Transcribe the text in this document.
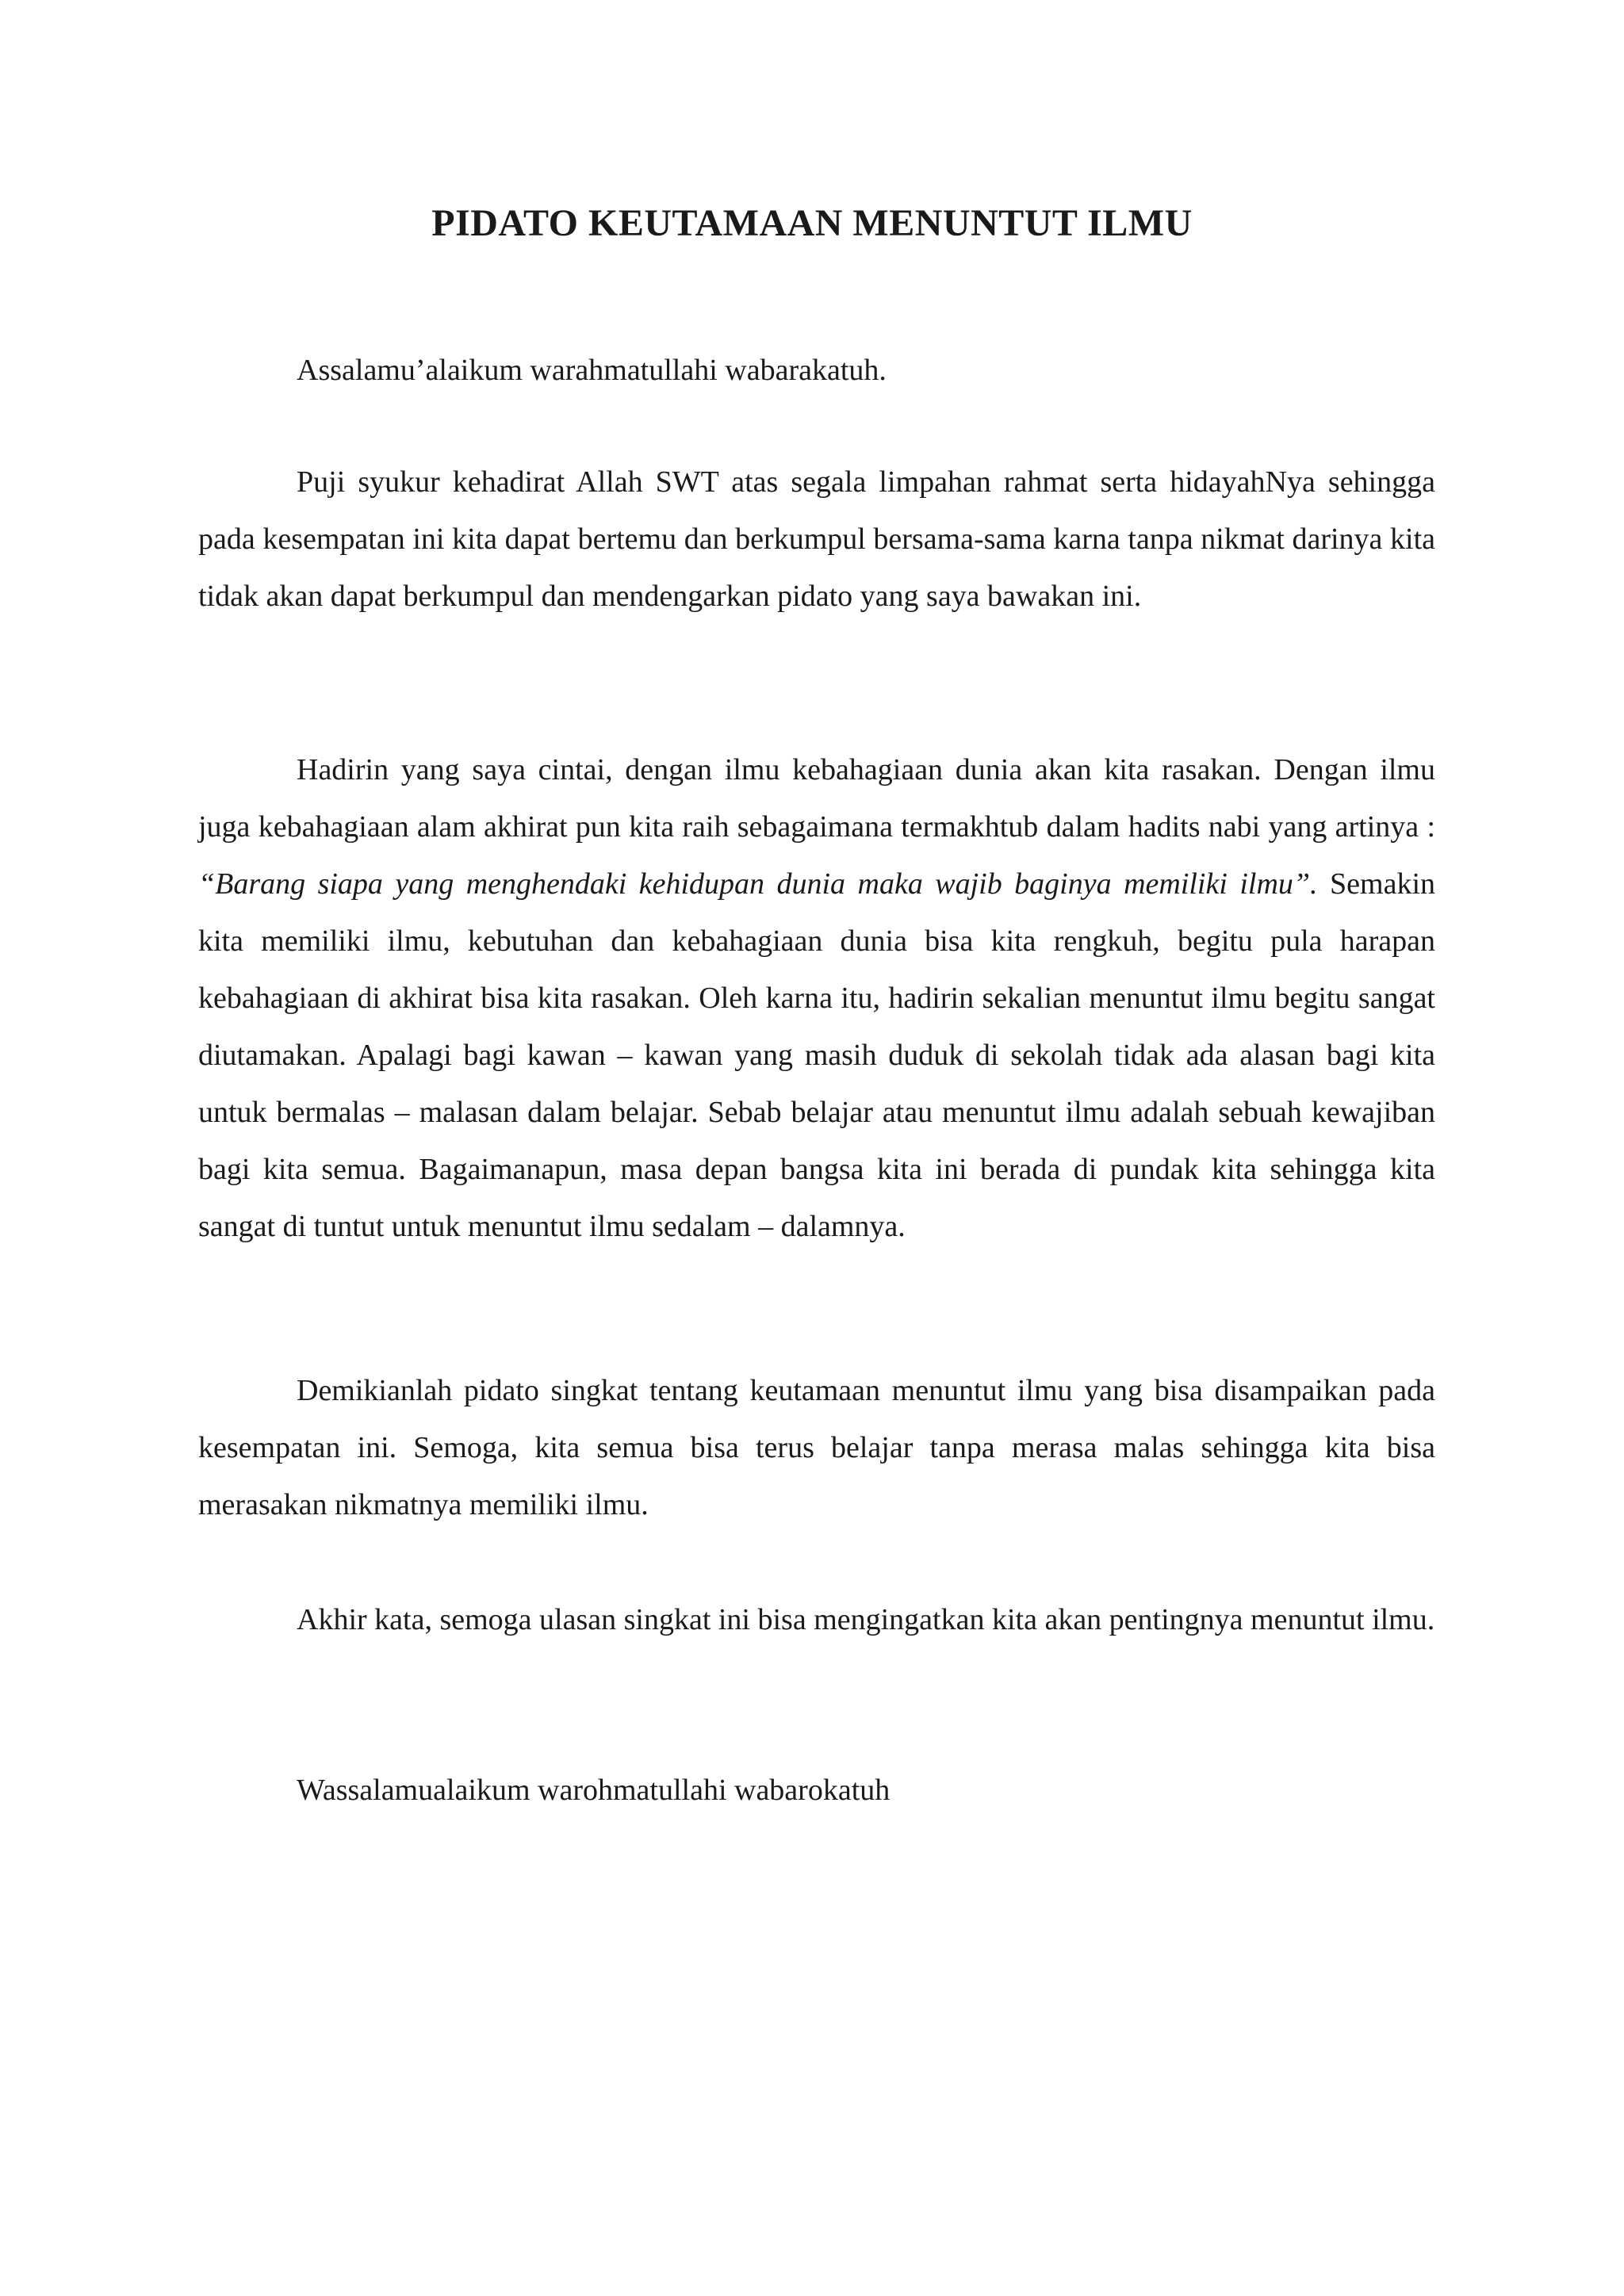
PIDATO KEUTAMAAN MENUNTUT ILMU

Assalamu’alaikum warahmatullahi wabarakatuh.

Puji syukur kehadirat Allah SWT atas segala limpahan rahmat serta hidayahNya sehingga pada kesempatan ini kita dapat bertemu dan berkumpul bersama-sama karna tanpa nikmat darinya kita tidak akan dapat berkumpul dan mendengarkan pidato yang saya bawakan ini.

Hadirin yang saya cintai, dengan ilmu kebahagiaan dunia akan kita rasakan. Dengan ilmu juga kebahagiaan alam akhirat pun kita raih sebagaimana termakhtub dalam hadits nabi yang artinya : “Barang siapa yang menghendaki kehidupan dunia maka wajib baginya memiliki ilmu”. Semakin kita memiliki ilmu, kebutuhan dan kebahagiaan dunia bisa kita rengkuh, begitu pula harapan kebahagiaan di akhirat bisa kita rasakan. Oleh karna itu, hadirin sekalian menuntut ilmu begitu sangat diutamakan. Apalagi bagi kawan – kawan yang masih duduk di sekolah tidak ada alasan bagi kita untuk bermalas – malasan dalam belajar. Sebab belajar atau menuntut ilmu adalah sebuah kewajiban bagi kita semua. Bagaimanapun, masa depan bangsa kita ini berada di pundak kita sehingga kita sangat di tuntut untuk menuntut ilmu sedalam – dalamnya.

Demikianlah pidato singkat tentang keutamaan menuntut ilmu yang bisa disampaikan pada kesempatan ini. Semoga, kita semua bisa terus belajar tanpa merasa malas sehingga kita bisa merasakan nikmatnya memiliki ilmu.

Akhir kata, semoga ulasan singkat ini bisa mengingatkan kita akan pentingnya menuntut ilmu.

Wassalamualaikum warohmatullahi wabarokatuh
